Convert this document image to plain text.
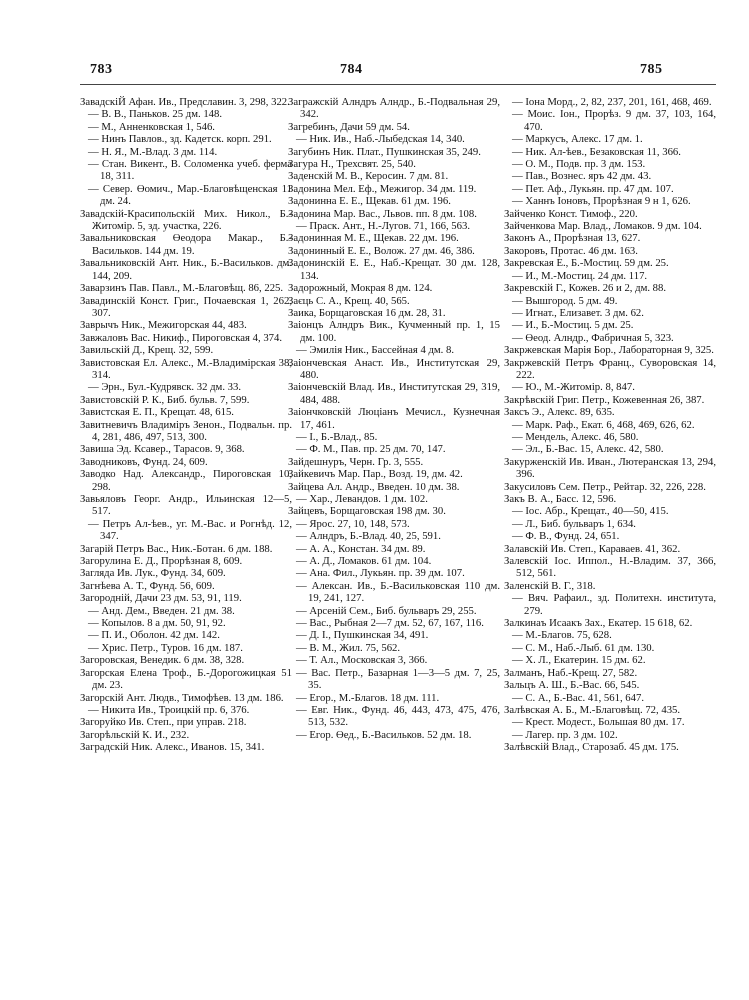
783	784	785

ЗавадскіЙ Афан. Ив., Предславин. 3, 298, 322.

— В. В., Паньков. 25 дм. 148.

— М., Анненковская 1, 546.

— Нинъ Павлов., зд. Кадетск. корп. 291.

— Н. Я., М.-Влад. 3 дм. 114.

— Стан. Викент., В. Соломенка учеб. ферма 18, 311.

— Север. Өомич., Мар.-Благовѣщенская 11 дм. 24.

Завадскій-Красипольскій Мих. Никол., Б.-Житомір. 5, зд. участка, 226.

Завальниковская Өеодора Макар., Б.-Васильков. 144 дм. 19.

Завальниковскій Ант. Ник., Б.-Васильков. дм. 144, 209.

Заварзинъ Пав. Павл., М.-Благовѣщ. 86, 225.

Завадинскій Конст. Григ., Почаевская 1, 262, 307.

Заврычъ Ник., Межигорская 44, 483.

Завжаловъ Вас. Никиф., Пироговская 4, 374.

Завильскій Д., Крещ. 32, 599.

Завистовская Ел. Алекс., М.-Владимірская 38, 314.

— Эрн., Бул.-Кудрявск. 32 дм. 33.

Завистовскій Р. К., Биб. бульв. 7, 599.

Завистская Е. П., Крещат. 48, 615.

Завитневичъ Владиміръ Зенон., Подвальн. пр. 4, 281, 486, 497, 513, 300.

Завиша Эд. Ксавер., Тарасов. 9, 368.

Заводниковъ, Фунд. 24, 609.

Заводко Над. Александр., Пироговская 10, 298.

Завьяловъ Георг. Андр., Ильинская 12—5, 517.

— Петръ Ал-ѣев., уг. М.-Вас. и Рогнѣд. 12, 347.

Загарій Петръ Вас., Ник.-Ботан. 6 дм. 188.

Загорулина Е. Д., Прорѣзная 8, 609.

Загляда Ив. Лук., Фунд. 34, 609.

Загнѣева А. Т., Фунд. 56, 609.

Загородній, Дачи 23 дм. 53, 91, 119.

— Анд. Дем., Введен. 21 дм. 38.

— Копылов. 8 а дм. 50, 91, 92.

— П. И., Оболон. 42 дм. 142.

— Хрис. Петр., Туров. 16 дм. 187.

Загоровская, Венедик. 6 дм. 38, 328.

Загорская Елена Троф., Б.-Дорогожицкая 51 дм. 23.

Загорскій Ант. Людв., Тимофѣев. 13 дм. 186.

— Никита Ив., Троицкій пр. 6, 376.

Загоруйко Ив. Степ., при управ. 218.

Загорѣльскій К. И., 232.

Заградскій Ник. Алекс., Иванов. 15, 341.

Загражскій Алндръ Алндр., Б.-Подвальная 29, 342.

Загребинъ, Дачи 59 дм. 54.

— Ник. Ив., Наб.-Лыбедская 14, 340.

Загубинъ Ник. Плат., Пушкинская 35, 249.

Загура Н., Трехсвят. 25, 540.

Заденскій М. В., Керосин. 7 дм. 81.

Задонина Мел. Еф., Межигор. 34 дм. 119.

Задонинна Е. Е., Щекав. 61 дм. 196.

Задонина Мар. Вас., Львов. пп. 8 дм. 108.

— Праск. Ант., Н.-Лугов. 71, 166, 563.

Задонинная М. Е., Щекав. 22 дм. 196.

Задонинный Е. Е., Волож. 27 дм. 46, 386.

Задонинскій Е. Е., Наб.-Крещат. 30 дм. 128, 134.

Задорожный, Мокрая 8 дм. 124.

Заєць С. А., Крещ. 40, 565.

Заика, Борщаговская 16 дм. 28, 31.

Заіонцъ Алндръ Вик., Кучменный пр. 1, 15 дм. 100.

— Эмилія Ник., Бассейная 4 дм. 8.

Заіончевская Анаст. Ив., Институтская 29, 480.

Заіончевскій Влад. Ив., Институтская 29, 319, 484, 488.

Заіончковскій Люціанъ Мечисл., Кузнечная 17, 461.

— І., Б.-Влад., 85.

— Ф. М., Пав. пр. 25 дм. 70, 147.

Зайдешнуръ, Черн. Гр. 3, 555.

Зайкевичъ Мар. Пар., Возд. 19, дм. 42.

Зайцева Ал. Андр., Введен. 10 дм. 38.

— Хар., Левандов. 1 дм. 102.

Зайцевъ, Борщаговская 198 дм. 30.

— Ярос. 27, 10, 148, 573.

— Алндръ, Б.-Влад. 40, 25, 591.

— А. А., Констан. 34 дм. 89.

— А. Д., Ломаков. 61 дм. 104.

— Ана. Фил., Лукьян. пр. 39 дм. 107.

— Алексан. Ив., Б.-Васильковская 110 дм. 19, 241, 127.

— Арсеній Сем., Биб. бульваръ 29, 255.

— Вас., Рыбная 2—7 дм. 52, 67, 167, 116.

— Д. І., Пушкинская 34, 491.

— В. М., Жил. 75, 562.

— Т. Ал., Московская 3, 366.

— Вас. Петр., Базарная 1—3—5 дм. 7, 25, 35.

— Егор., М.-Благов. 18 дм. 111.

— Евг. Ник., Фунд. 46, 443, 473, 475, 476, 513, 532.

— Егор. Өед., Б.-Васильков. 52 дм. 18.

— Іона Морд., 2, 82, 237, 201, 161, 468, 469.

— Моис. Іон., Прорѣз. 9 дм. 37, 103, 164, 470.

— Маркусъ, Алекс. 17 дм. 1.

— Ник. Ал-ѣев., Безаковская 11, 366.

— О. М., Подв. пр. 3 дм. 153.

— Пав., Вознес. яръ 42 дм. 43.

— Пет. Аф., Лукьян. пр. 47 дм. 107.

— Ханнъ Іоновъ, Прорѣзная 9 н 1, 626.

Зайченко Конст. Тимоф., 220.

Зайченкова Мар. Влад., Ломаков. 9 дм. 104.

Законъ А., Прорѣзная 13, 627.

Закоровъ, Протас. 46 дм. 163.

Закревская Е., Б.-Мостиц. 59 дм. 25.

— И., М.-Мостиц. 24 дм. 117.

Закревскій Г., Кожев. 26 и 2, дм. 88.

— Вышгород. 5 дм. 49.

— Игнат., Елизавет. 3 дм. 62.

— И., Б.-Мостиц. 5 дм. 25.

— Өеод. Алндр., Фабричная 5, 323.

Закржевская Марія Бор., Лабораторная 9, 325.

Закржевскій Петръ Франц., Суворовская 14, 222.

— Ю., М.-Житомір. 8, 847.

Закрѣвскій Григ. Петр., Кожевенная 26, 387.

Заксъ Э., Алекс. 89, 635.

— Марк. Раф., Екат. 6, 468, 469, 626, 62.

— Мендель, Алекс. 46, 580.

— Эл., Б.-Вас. 15, Алекс. 42, 580.

Закурженскій Ив. Иван., Лютеранская 13, 294, 396.

Закусиловъ Сем. Петр., Рейтар. 32, 226, 228.

Закъ В. А., Басс. 12, 596.

— Іос. Абр., Крещат., 40—50, 415.

— Л., Биб. бульваръ 1, 634.

— Ф. В., Фунд. 24, 651.

Залавскій Ив. Степ., Караваев. 41, 362.

Залевскій Іос. Иппол., Н.-Владим. 37, 366, 512, 561.

Заленскій В. Г., 318.

— Вяч. Рафаил., зд. Политехн. института, 279.

Залкинаъ Исаакъ Зах., Екатер. 15 618, 62.

— М.-Благов. 75, 628.

— С. М., Наб.-Лыб. 61 дм. 130.

— Х. Л., Екатерин. 15 дм. 62.

Залманъ, Наб.-Крещ. 27, 582.

Зальцъ А. Ш., Б.-Вас. 66, 545.

— С. А., Б.-Вас. 41, 561, 647.

Залѣвская А. Б., М.-Благовѣщ. 72, 435.

— Крест. Модест., Большая 80 дм. 17.

— Лагер. пр. 3 дм. 102.

Залѣвскій Влад., Старозаб. 45 дм. 175.
